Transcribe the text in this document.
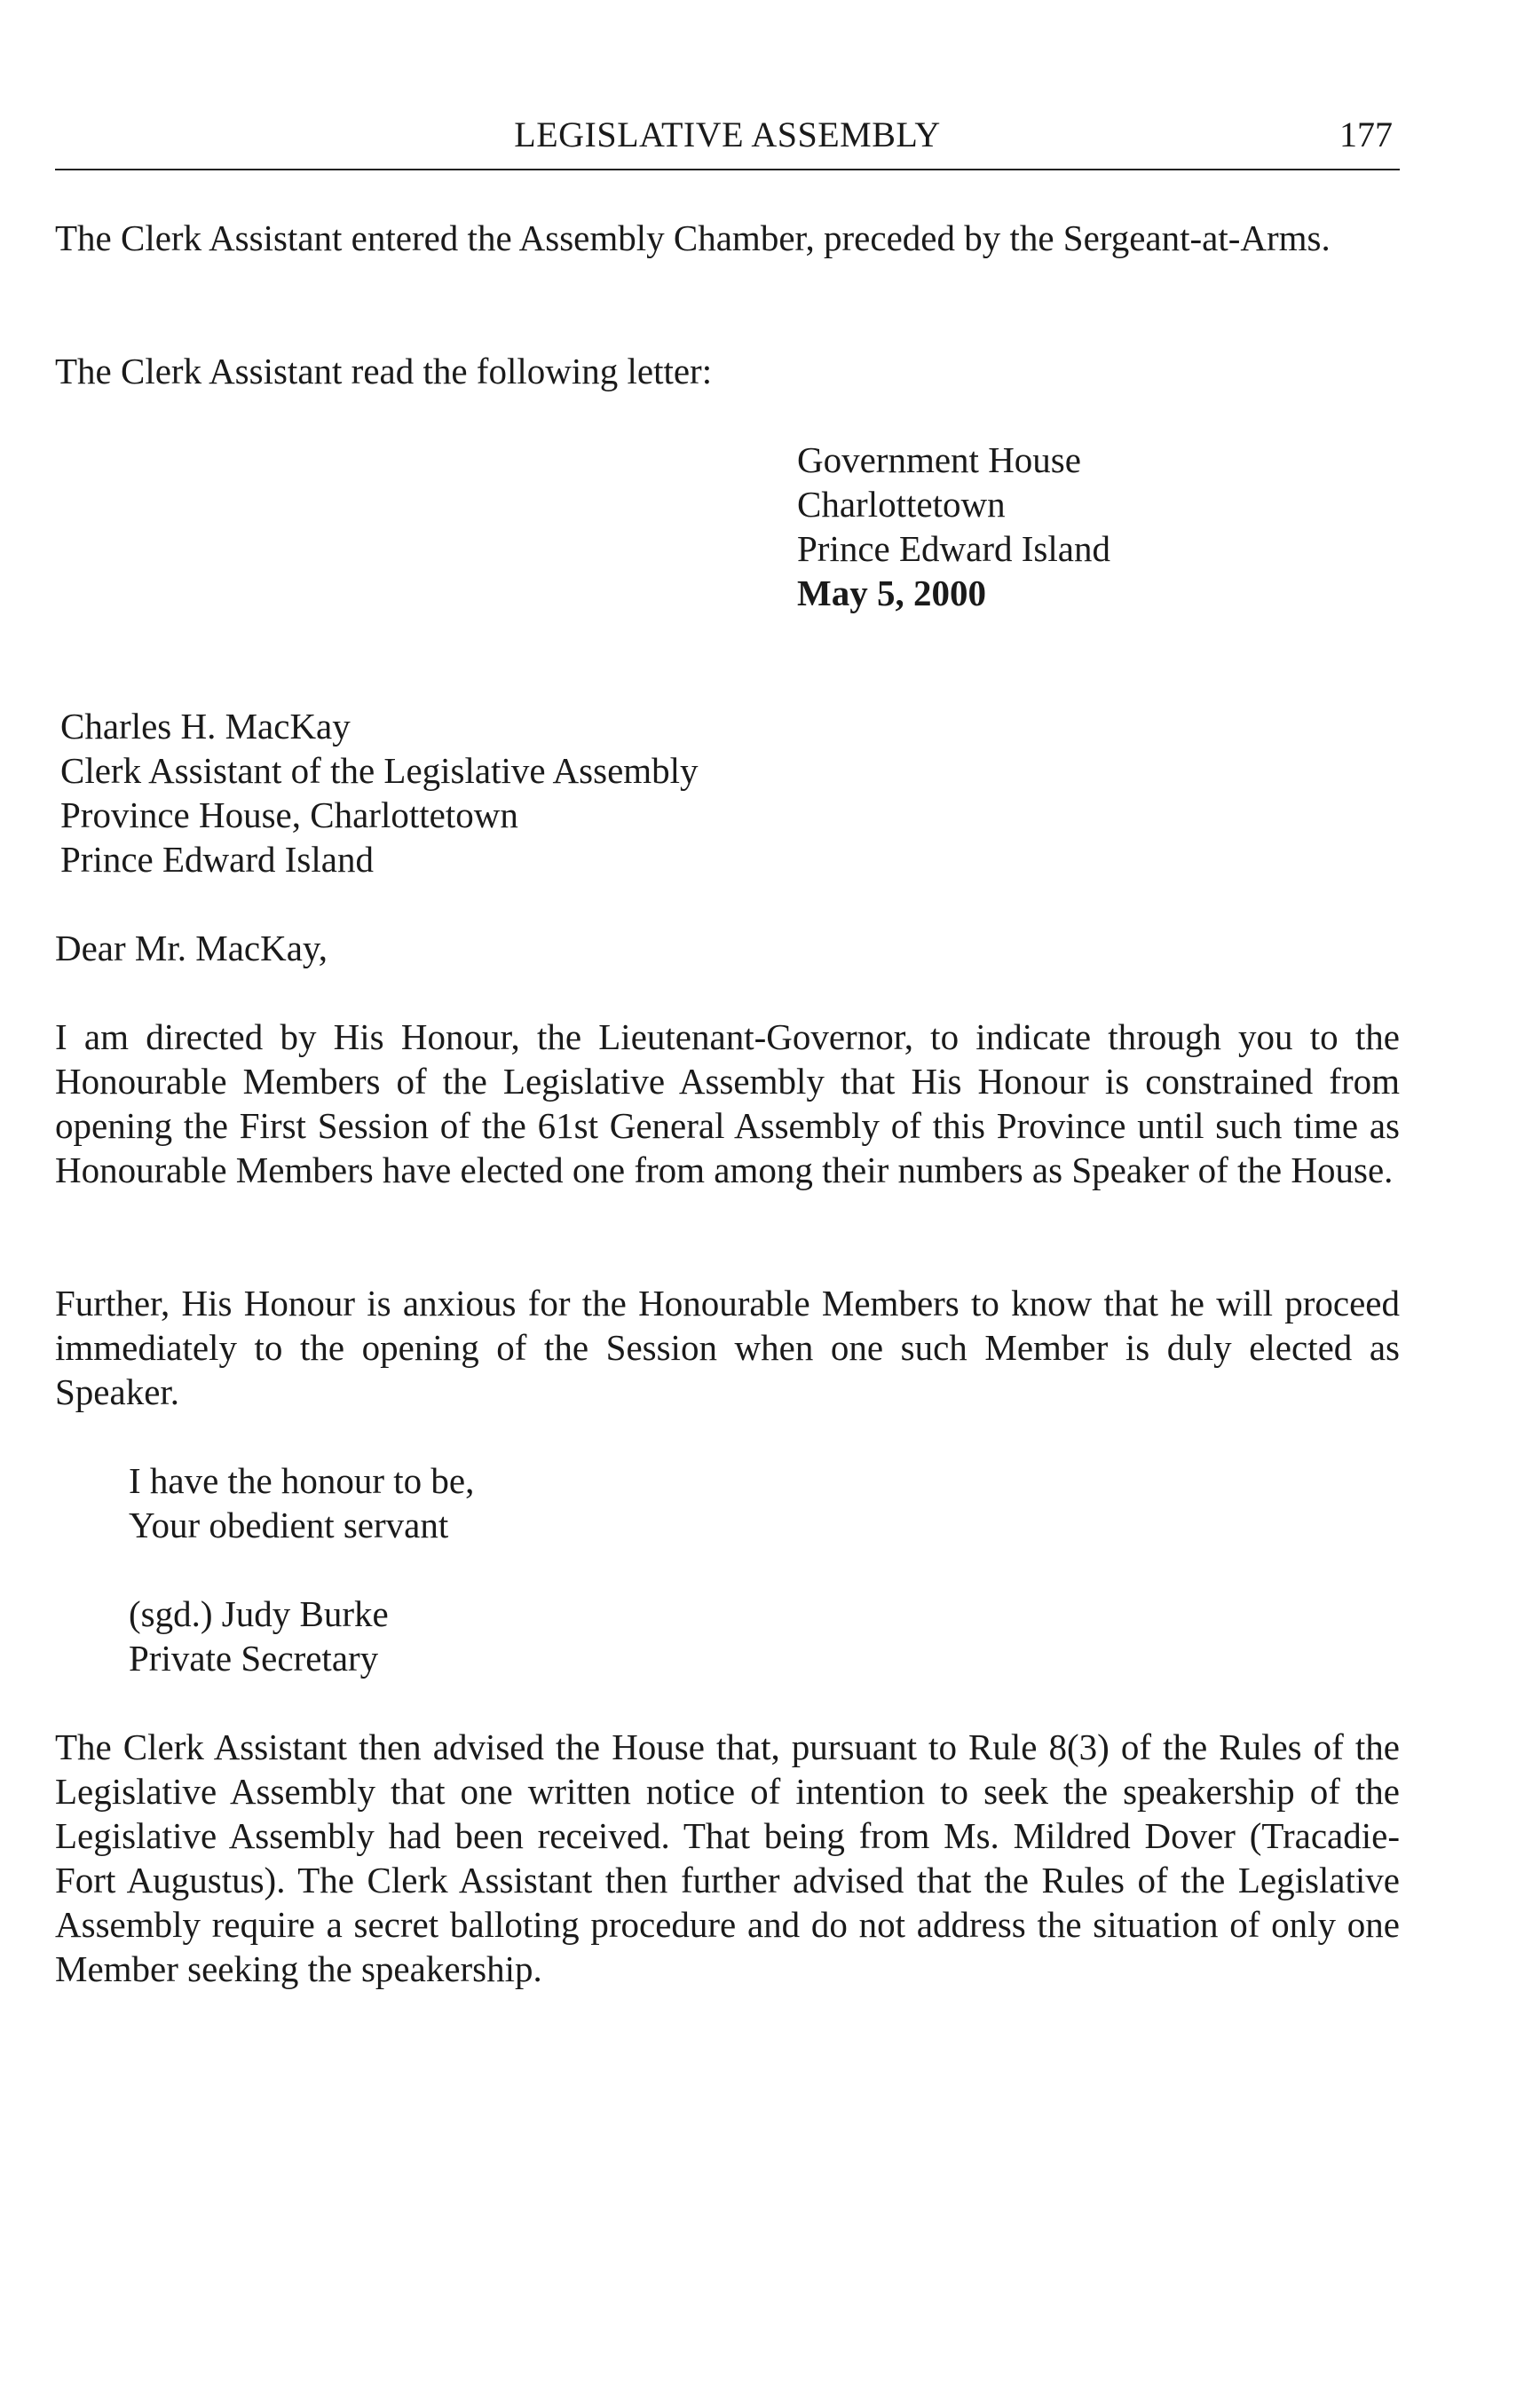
LEGISLATIVE ASSEMBLY	177

The Clerk Assistant entered the Assembly Chamber, preceded by the Sergeant-at-Arms.

The Clerk Assistant read the following letter:

Government House
Charlottetown
Prince Edward Island
May 5, 2000
Charles H. MacKay
Clerk Assistant of the Legislative Assembly
Province House, Charlottetown
Prince Edward Island

Dear Mr. MacKay,

I am directed by His Honour, the Lieutenant-Governor, to indicate through you to the Honourable Members of the Legislative Assembly that His Honour is constrained from opening the First Session of the 61st General Assembly of this Province until such time as Honourable Members have elected one from among their numbers as Speaker of the House.

Further, His Honour is anxious for the Honourable Members to know that he will proceed immediately to the opening of the Session when one such Member is duly elected as Speaker.

I have the honour to be,
Your obedient servant
(sgd.) Judy Burke
Private Secretary

The Clerk Assistant then advised the House that, pursuant to Rule 8(3) of the Rules of the Legislative Assembly that one written notice of intention to seek the speakership of the Legislative Assembly had been received. That being from Ms. Mildred Dover (Tracadie-Fort Augustus). The Clerk Assistant then further advised that the Rules of the Legislative Assembly require a secret balloting procedure and do not address the situation of only one Member seeking the speakership.
